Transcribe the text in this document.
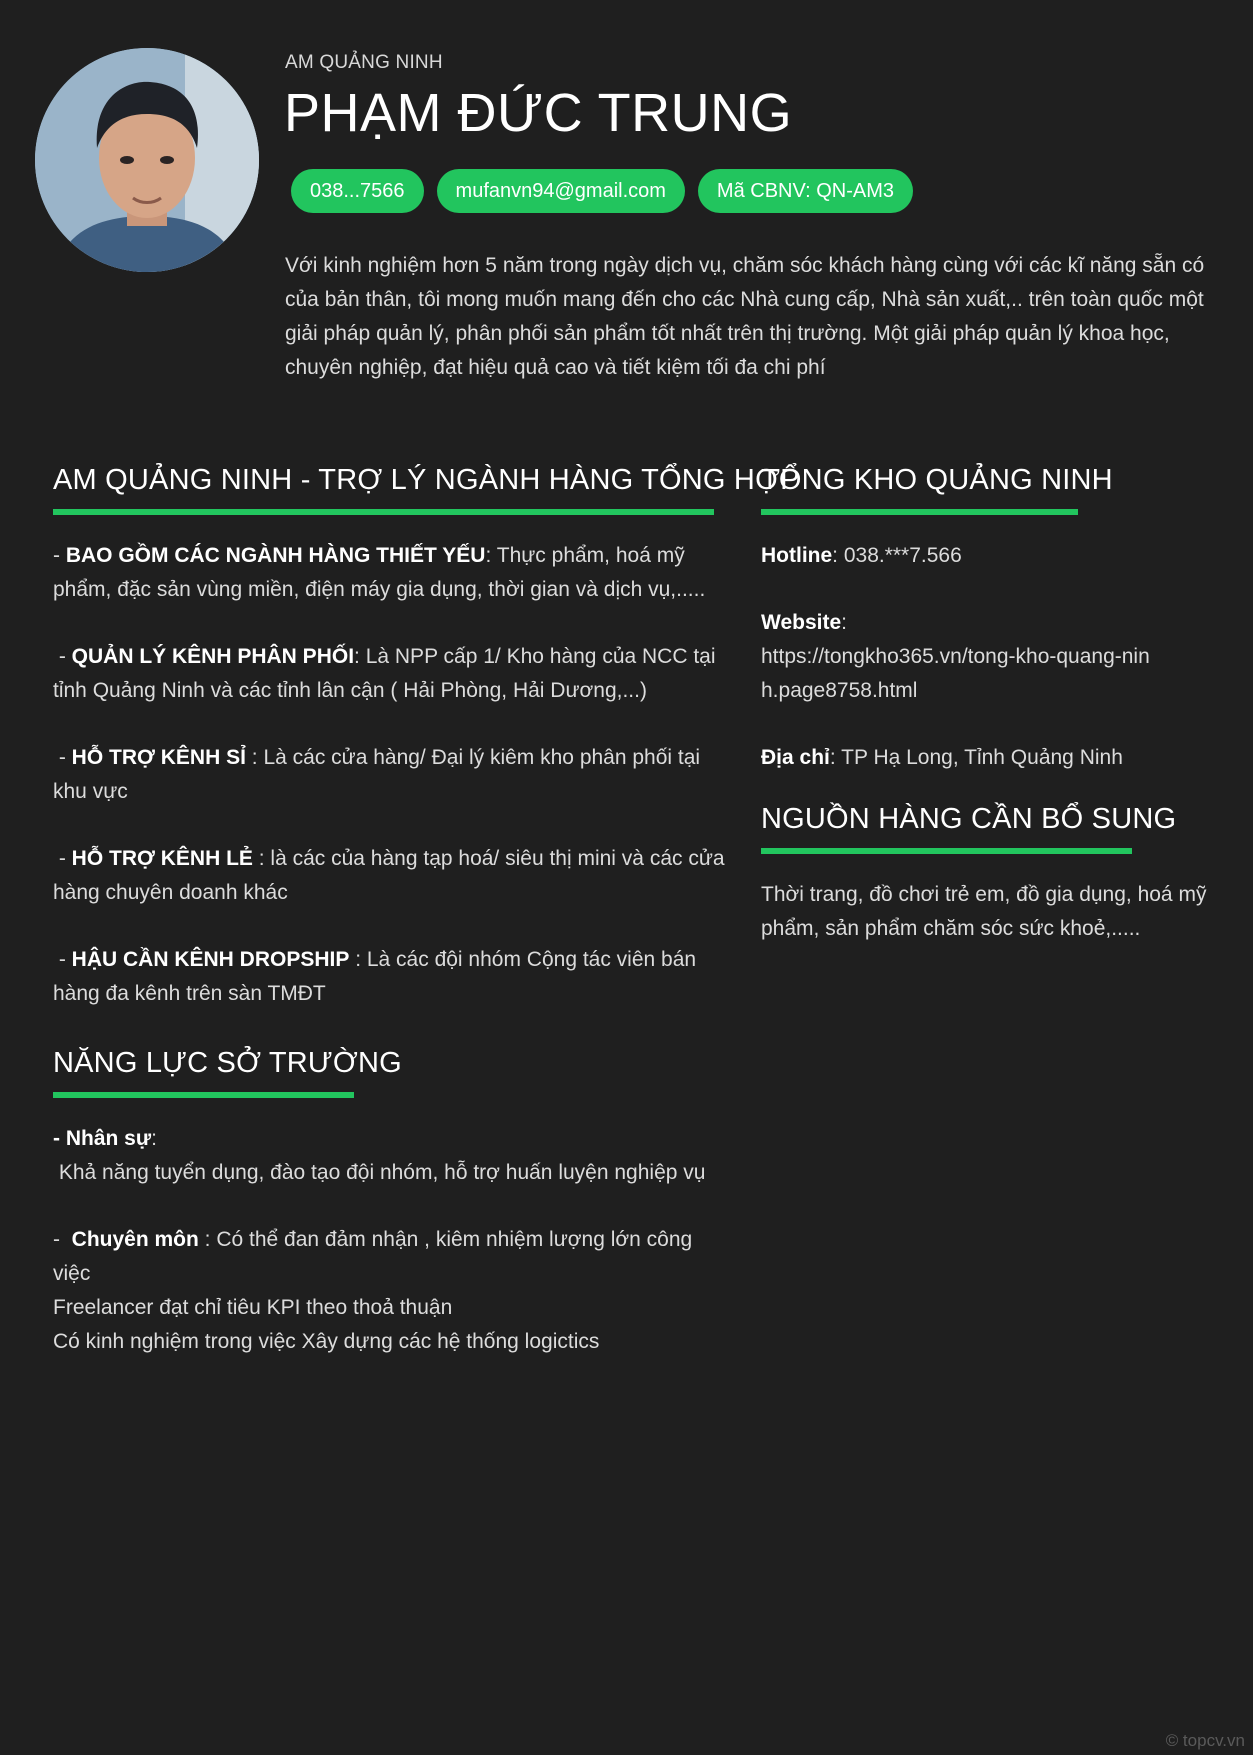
AM QUẢNG NINH
PHẠM ĐỨC TRUNG
038...7566	mufanvn94@gmail.com	Mã CBNV: QN-AM3

Với kinh nghiệm hơn 5 năm trong ngày dịch vụ, chăm sóc khách hàng cùng với các kĩ năng sẵn có của bản thân, tôi mong muốn mang đến cho các Nhà cung cấp, Nhà sản xuất,.. trên toàn quốc một giải pháp quản lý, phân phối sản phẩm tốt nhất trên thị trường. Một giải pháp quản lý khoa học, chuyên nghiệp, đạt hiệu quả cao và tiết kiệm tối đa chi phí

AM QUẢNG NINH - TRỢ LÝ NGÀNH HÀNG TỔNG HỢP

- BAO GỒM CÁC NGÀNH HÀNG THIẾT YẾU: Thực phẩm, hoá mỹ phẩm, đặc sản vùng miền, điện máy gia dụng, thời gian và dịch vụ,.....

- QUẢN LÝ KÊNH PHÂN PHỐI: Là NPP cấp 1/ Kho hàng của NCC tại tỉnh Quảng Ninh và các tỉnh lân cận ( Hải Phòng, Hải Dương,...)

- HỖ TRỢ KÊNH SỈ : Là các cửa hàng/ Đại lý kiêm kho phân phối tại khu vực

- HỖ TRỢ KÊNH LẺ : là các của hàng tạp hoá/ siêu thị mini và các cửa hàng chuyên doanh khác

- HẬU CẦN KÊNH DROPSHIP : Là các đội nhóm Cộng tác viên bán hàng đa kênh trên sàn TMĐT

NĂNG LỰC SỞ TRƯỜNG

- Nhân sự:

Khả năng tuyển dụng, đào tạo đội nhóm, hỗ trợ huấn luyện nghiệp vụ

-  Chuyên môn : Có thể đan đảm nhận , kiêm nhiệm lượng lớn công việc

Freelancer đạt chỉ tiêu KPI theo thoả thuận

Có kinh nghiệm trong việc Xây dựng các hệ thống logictics

TỔNG KHO QUẢNG NINH

Hotline: 038.***7.566

Website:

https://tongkho365.vn/tong-kho-quang-ninh.page8758.html

Địa chỉ: TP Hạ Long, Tỉnh Quảng Ninh

NGUỒN HÀNG CẦN BỔ SUNG

Thời trang, đồ chơi trẻ em, đồ gia dụng, hoá mỹ phẩm, sản phẩm chăm sóc sức khoẻ,.....

© topcv.vn
